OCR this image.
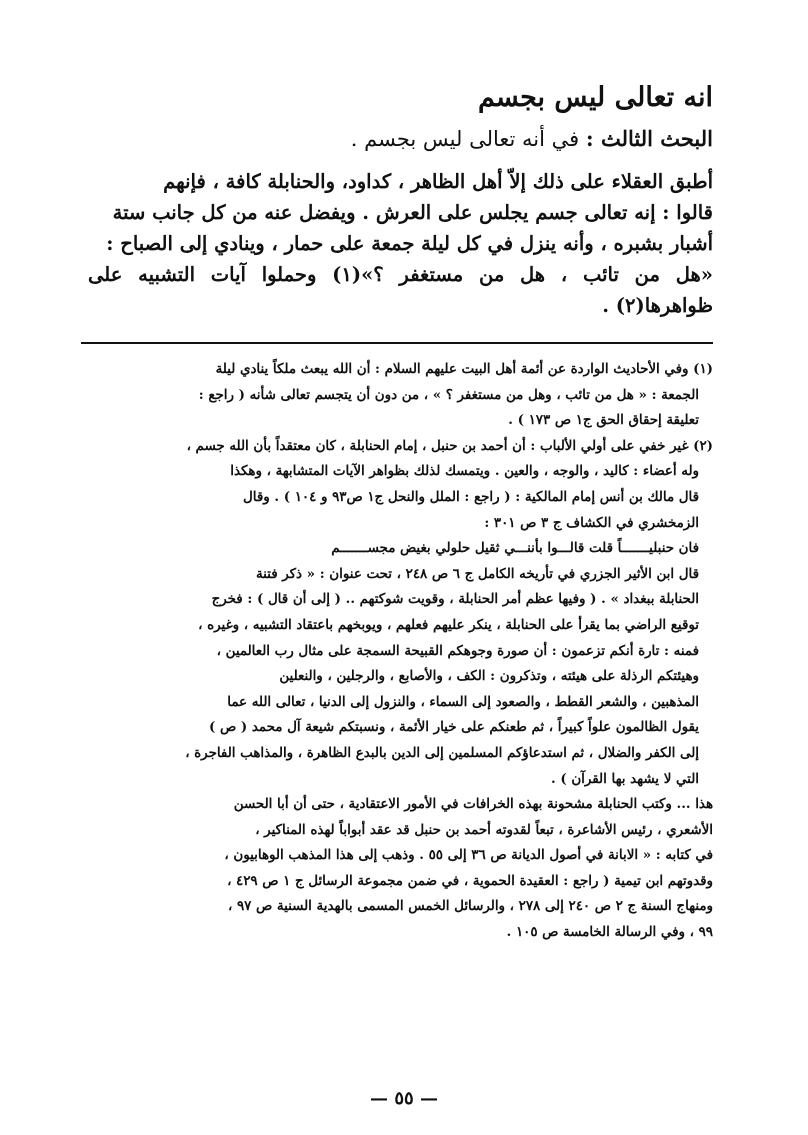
انه تعالى ليس بجسم
البحث الثالث : في أنه تعالى ليس بجسم .

أطبق العقلاء على ذلك إلاّ أهل الظاهر ، كداود، والحنابلة كافة ، فإنهم

قالوا : إنه تعالى جسم يجلس على العرش . ويفضل عنه من كل جانب ستة

أشبار بشبره ، وأنه ينزل في كل ليلة جمعة على حمار ، وينادي إلى الصباح :

«هل من تائب ، هل من مستغفر ؟»(١) وحملوا آيات التشبيه على ظواهرها(٢) .

(١) وفي الأحاديث الواردة عن أئمة أهل البيت عليهم السلام : أن الله يبعث ملكاً ينادي ليلة
الجمعة : « هل من تائب ، وهل من مستغفر ؟ » ، من دون أن يتجسم تعالى شأنه ( راجع :
تعليقة إحقاق الحق ج١ ص ١٧٣ ) .
(٢) غير خفي على أولي الألباب : أن أحمد بن حنبل ، إمام الحنابلة ، كان معتقداً بأن الله جسم ،
وله أعضاء : كاليد ، والوجه ، والعين . ويتمسك لذلك بظواهر الآيات المتشابهة ، وهكذا
قال مالك بن أنس إمام المالكية : ( راجع : الملل والنحل ج١ ص٩٣ و ١٠٤ ) . وقال
الزمخشري في الكشاف ج ٣ ص ٣٠١ :
فان حنبليـــــــاً قلت قالـــوا بأننـــي ثقيل حلولي بغيض مجســـــــم
قال ابن الأثير الجزري في تأريخه الكامل ج ٦ ص ٢٤٨ ، تحت عنوان : « ذكر فتنة
الحنابلة ببغداد » . ( وفيها عظم أمر الحنابلة ، وقويت شوكتهم .. ( إلى أن قال ) : فخرج
توقيع الراضي بما يقرأ على الحنابلة ، ينكر عليهم فعلهم ، ويوبخهم باعتقاد التشبيه ، وغيره ،
فمنه : تارة أنكم تزعمون : أن صورة وجوهكم القبيحة السمجة على مثال رب العالمين ،
وهيئتكم الرذلة على هيئته ، وتذكرون : الكف ، والأصابع ، والرجلين ، والنعلين
المذهبين ، والشعر القطط ، والصعود إلى السماء ، والنزول إلى الدنيا ، تعالى الله عما
يقول الظالمون علواً كبيراً ، ثم طعنكم على خيار الأئمة ، ونسبتكم شيعة آل محمد ( ص )
إلى الكفر والضلال ، ثم استدعاؤكم المسلمين إلى الدين بالبدع الظاهرة ، والمذاهب الفاجرة ،
التي لا يشهد بها القرآن ) .
هذا ... وكتب الحنابلة مشحونة بهذه الخرافات في الأمور الاعتقادية ، حتى أن أبا الحسن
الأشعري ، رئيس الأشاعرة ، تبعاً لقدوته أحمد بن حنبل قد عقد أبواباً لهذه المناكير ،
في كتابه : « الابانة في أصول الديانة ص ٣٦ إلى ٥٥ . وذهب إلى هذا المذهب الوهابيون ،
وقدوتهم ابن تيمية ( راجع : العقيدة الحموية ، في ضمن مجموعة الرسائل ج ١ ص ٤٢٩ ،
ومنهاج السنة ج ٢ ص ٢٤٠ إلى ٢٧٨ ، والرسائل الخمس المسمى بالهدية السنية ص ٩٧ ،
٩٩ ، وفي الرسالة الخامسة ص ١٠٥ .
— ٥٥ —
